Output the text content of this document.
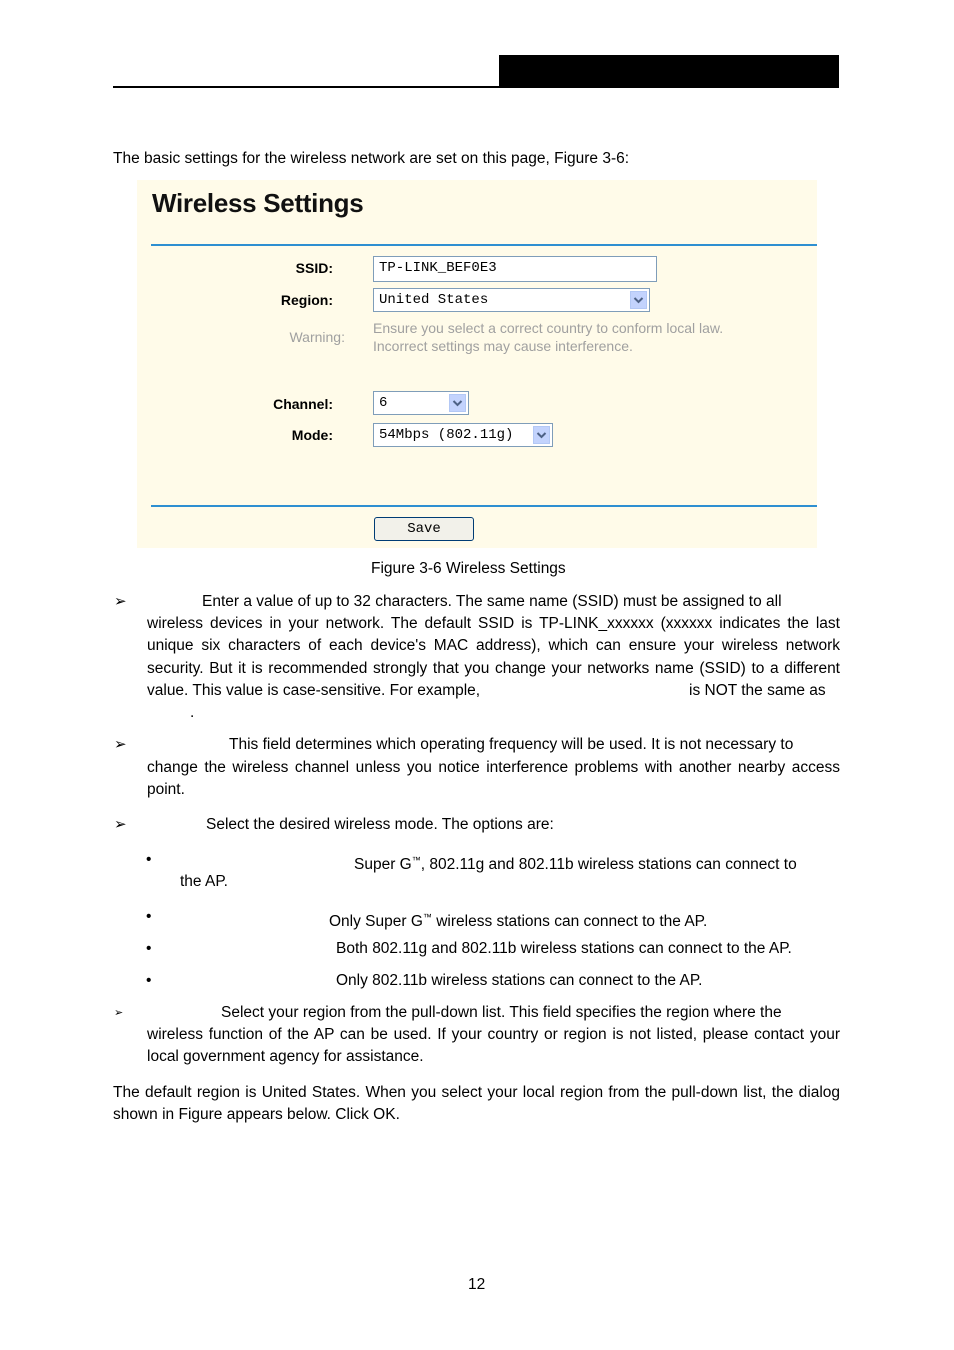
The basic settings for the wireless network are set on this page, Figure 3-6:
Wireless Settings
SSID:	TP-LINK_BEF0E3
Region:	United States
Warning:
Ensure you select a correct country to conform local law.
Incorrect settings may cause interference.
Channel:	6
Mode:	54Mbps (802.11g)
Save
Figure 3-6 Wireless Settings
➢	Enter a value of up to 32 characters. The same name (SSID) must be assigned to all
wireless devices in your network. The default SSID is TP-LINK_xxxxxx (xxxxxx indicates the last unique six characters of each device's MAC address), which can ensure your wireless network security. But it is recommended strongly that you change your networks name (SSID) to a different value. This value is case-sensitive. For example,	is NOT the same as
.
➢	This field determines which operating frequency will be used. It is not necessary to
change the wireless channel unless you notice interference problems with another nearby access point.
➢	Select the desired wireless mode. The options are:
•	Super G™, 802.11g and 802.11b wireless stations can connect to
the AP.
•	Only Super G™ wireless stations can connect to the AP.
•	Both 802.11g and 802.11b wireless stations can connect to the AP.
•	Only 802.11b wireless stations can connect to the AP.
➢	Select your region from the pull-down list. This field specifies the region where the
wireless function of the AP can be used. If your country or region is not listed, please contact your local government agency for assistance.
The default region is United States. When you select your local region from the pull-down list, the dialog shown in Figure appears below. Click OK.
12
